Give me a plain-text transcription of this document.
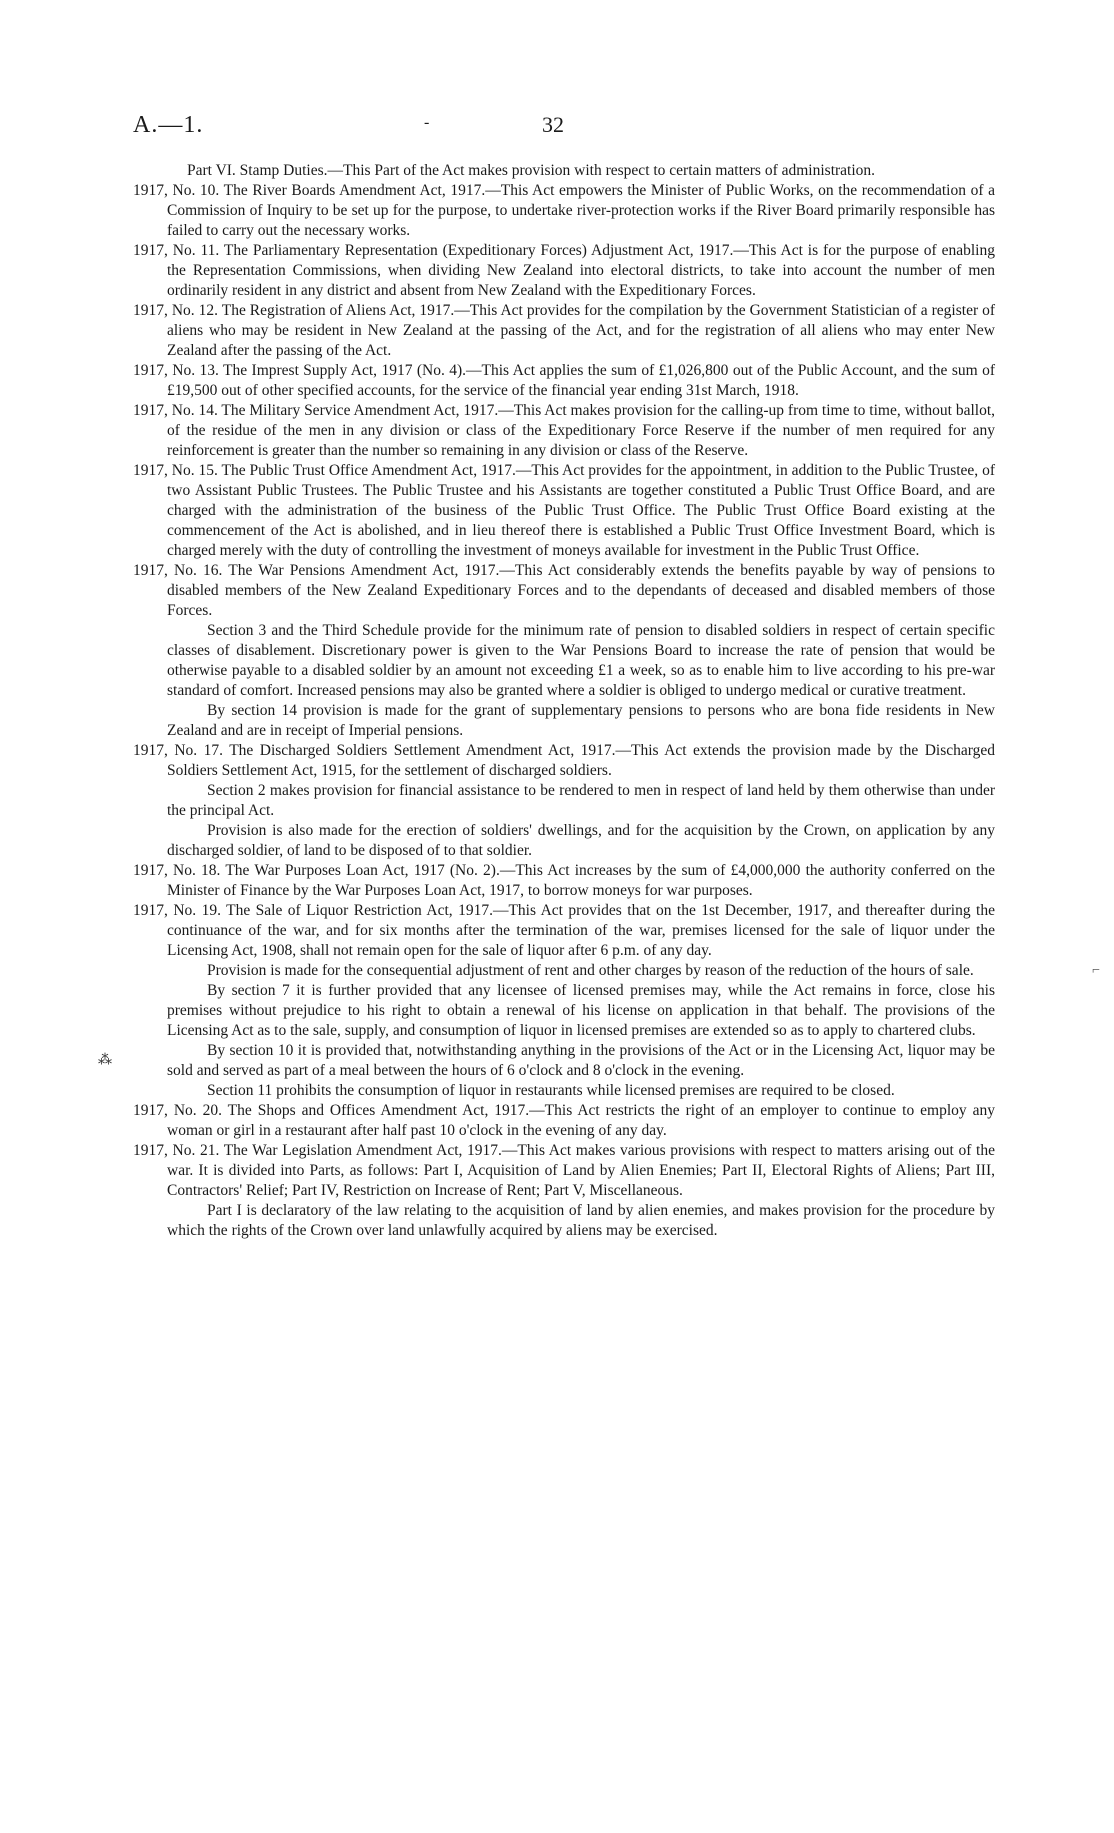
A.—1.	-	32

Part VI. Stamp Duties.—This Part of the Act makes provision with respect to certain matters of administration.

1917, No. 10. The River Boards Amendment Act, 1917.—This Act empowers the Minister of Public Works, on the recommendation of a Commission of Inquiry to be set up for the purpose, to undertake river-protection works if the River Board primarily responsible has failed to carry out the necessary works.

1917, No. 11. The Parliamentary Representation (Expeditionary Forces) Adjustment Act, 1917.—This Act is for the purpose of enabling the Representation Commissions, when dividing New Zealand into electoral districts, to take into account the number of men ordinarily resident in any district and absent from New Zealand with the Expeditionary Forces.

1917, No. 12. The Registration of Aliens Act, 1917.—This Act provides for the compilation by the Government Statistician of a register of aliens who may be resident in New Zealand at the passing of the Act, and for the registration of all aliens who may enter New Zealand after the passing of the Act.

1917, No. 13. The Imprest Supply Act, 1917 (No. 4).—This Act applies the sum of £1,026,800 out of the Public Account, and the sum of £19,500 out of other specified accounts, for the service of the financial year ending 31st March, 1918.

1917, No. 14. The Military Service Amendment Act, 1917.—This Act makes provision for the calling-up from time to time, without ballot, of the residue of the men in any division or class of the Expeditionary Force Reserve if the number of men required for any reinforcement is greater than the number so remaining in any division or class of the Reserve.

1917, No. 15. The Public Trust Office Amendment Act, 1917.—This Act provides for the appointment, in addition to the Public Trustee, of two Assistant Public Trustees. The Public Trustee and his Assistants are together constituted a Public Trust Office Board, and are charged with the administration of the business of the Public Trust Office. The Public Trust Office Board existing at the commencement of the Act is abolished, and in lieu thereof there is established a Public Trust Office Investment Board, which is charged merely with the duty of controlling the investment of moneys available for investment in the Public Trust Office.

1917, No. 16. The War Pensions Amendment Act, 1917.—This Act considerably extends the benefits payable by way of pensions to disabled members of the New Zealand Expeditionary Forces and to the dependants of deceased and disabled members of those Forces.

Section 3 and the Third Schedule provide for the minimum rate of pension to disabled soldiers in respect of certain specific classes of disablement. Discretionary power is given to the War Pensions Board to increase the rate of pension that would be otherwise payable to a disabled soldier by an amount not exceeding £1 a week, so as to enable him to live according to his pre-war standard of comfort. Increased pensions may also be granted where a soldier is obliged to undergo medical or curative treatment.

By section 14 provision is made for the grant of supplementary pensions to persons who are bona fide residents in New Zealand and are in receipt of Imperial pensions.

1917, No. 17. The Discharged Soldiers Settlement Amendment Act, 1917.—This Act extends the provision made by the Discharged Soldiers Settlement Act, 1915, for the settlement of discharged soldiers.

Section 2 makes provision for financial assistance to be rendered to men in respect of land held by them otherwise than under the principal Act.

Provision is also made for the erection of soldiers' dwellings, and for the acquisition by the Crown, on application by any discharged soldier, of land to be disposed of to that soldier.

1917, No. 18. The War Purposes Loan Act, 1917 (No. 2).—This Act increases by the sum of £4,000,000 the authority conferred on the Minister of Finance by the War Purposes Loan Act, 1917, to borrow moneys for war purposes.

1917, No. 19. The Sale of Liquor Restriction Act, 1917.—This Act provides that on the 1st December, 1917, and thereafter during the continuance of the war, and for six months after the termination of the war, premises licensed for the sale of liquor under the Licensing Act, 1908, shall not remain open for the sale of liquor after 6 p.m. of any day.

Provision is made for the consequential adjustment of rent and other charges by reason of the reduction of the hours of sale.

By section 7 it is further provided that any licensee of licensed premises may, while the Act remains in force, close his premises without prejudice to his right to obtain a renewal of his license on application in that behalf. The provisions of the Licensing Act as to the sale, supply, and consumption of liquor in licensed premises are extended so as to apply to chartered clubs.

By section 10 it is provided that, notwithstanding anything in the provisions of the Act or in the Licensing Act, liquor may be sold and served as part of a meal between the hours of 6 o'clock and 8 o'clock in the evening.

Section 11 prohibits the consumption of liquor in restaurants while licensed premises are required to be closed.

1917, No. 20. The Shops and Offices Amendment Act, 1917.—This Act restricts the right of an employer to continue to employ any woman or girl in a restaurant after half past 10 o'clock in the evening of any day.

1917, No. 21. The War Legislation Amendment Act, 1917.—This Act makes various provisions with respect to matters arising out of the war. It is divided into Parts, as follows: Part I, Acquisition of Land by Alien Enemies; Part II, Electoral Rights of Aliens; Part III, Contractors' Relief; Part IV, Restriction on Increase of Rent; Part V, Miscellaneous.

Part I is declaratory of the law relating to the acquisition of land by alien enemies, and makes provision for the procedure by which the rights of the Crown over land unlawfully acquired by aliens may be exercised.

⁂
⌐
